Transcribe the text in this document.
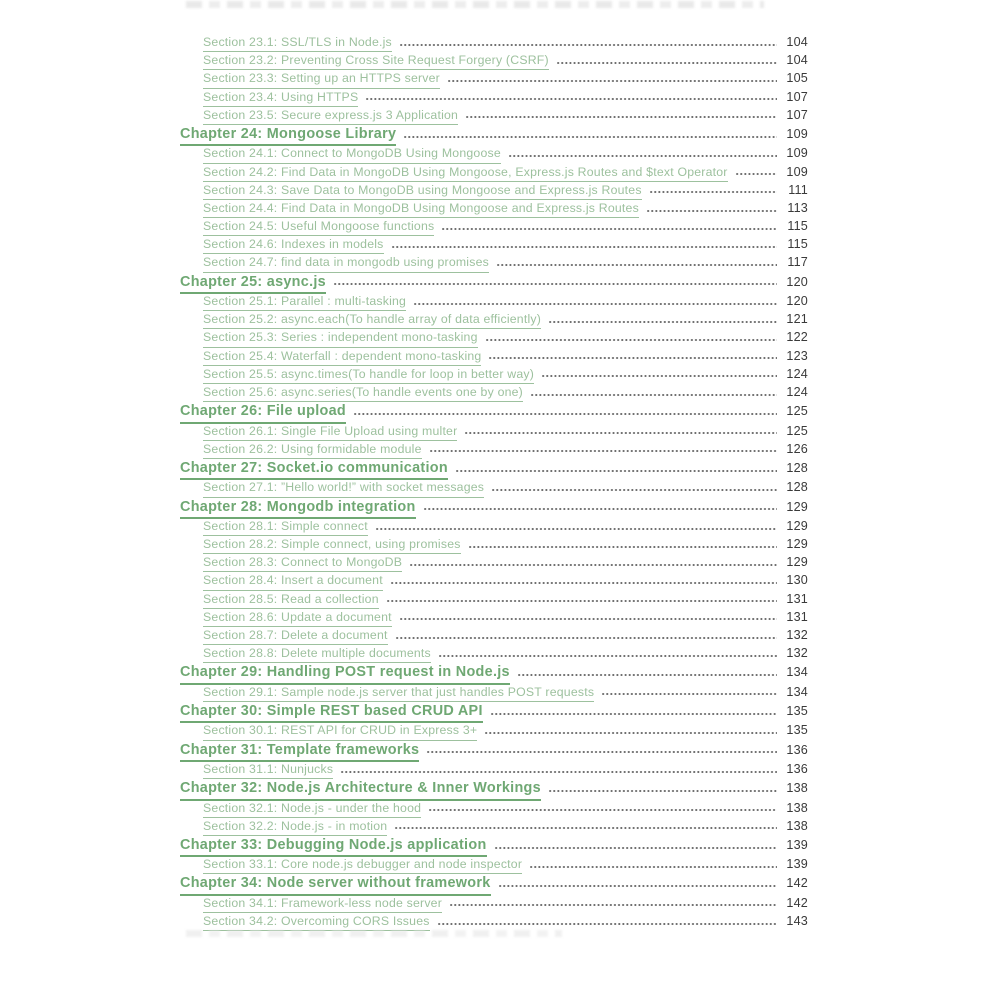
Section 23.1: SSL/TLS in Node.js	104
Section 23.2: Preventing Cross Site Request Forgery (CSRF)	104
Section 23.3: Setting up an HTTPS server	105
Section 23.4: Using HTTPS	107
Section 23.5: Secure express.js 3 Application	107
Chapter 24: Mongoose Library	109
Section 24.1: Connect to MongoDB Using Mongoose	109
Section 24.2: Find Data in MongoDB Using Mongoose, Express.js Routes and $text Operator	109
Section 24.3: Save Data to MongoDB using Mongoose and Express.js Routes	111
Section 24.4: Find Data in MongoDB Using Mongoose and Express.js Routes	113
Section 24.5: Useful Mongoose functions	115
Section 24.6: Indexes in models	115
Section 24.7: find data in mongodb using promises	117
Chapter 25: async.js	120
Section 25.1: Parallel : multi-tasking	120
Section 25.2: async.each(To handle array of data efficiently)	121
Section 25.3: Series : independent mono-tasking	122
Section 25.4: Waterfall : dependent mono-tasking	123
Section 25.5: async.times(To handle for loop in better way)	124
Section 25.6: async.series(To handle events one by one)	124
Chapter 26: File upload	125
Section 26.1: Single File Upload using multer	125
Section 26.2: Using formidable module	126
Chapter 27: Socket.io communication	128
Section 27.1: ”Hello world!” with socket messages	128
Chapter 28: Mongodb integration	129
Section 28.1: Simple connect	129
Section 28.2: Simple connect, using promises	129
Section 28.3: Connect to MongoDB	129
Section 28.4: Insert a document	130
Section 28.5: Read a collection	131
Section 28.6: Update a document	131
Section 28.7: Delete a document	132
Section 28.8: Delete multiple documents	132
Chapter 29: Handling POST request in Node.js	134
Section 29.1: Sample node.js server that just handles POST requests	134
Chapter 30: Simple REST based CRUD API	135
Section 30.1: REST API for CRUD in Express 3+	135
Chapter 31: Template frameworks	136
Section 31.1: Nunjucks	136
Chapter 32: Node.js Architecture & Inner Workings	138
Section 32.1: Node.js - under the hood	138
Section 32.2: Node.js - in motion	138
Chapter 33: Debugging Node.js application	139
Section 33.1: Core node.js debugger and node inspector	139
Chapter 34: Node server without framework	142
Section 34.1: Framework-less node server	142
Section 34.2: Overcoming CORS Issues	143
